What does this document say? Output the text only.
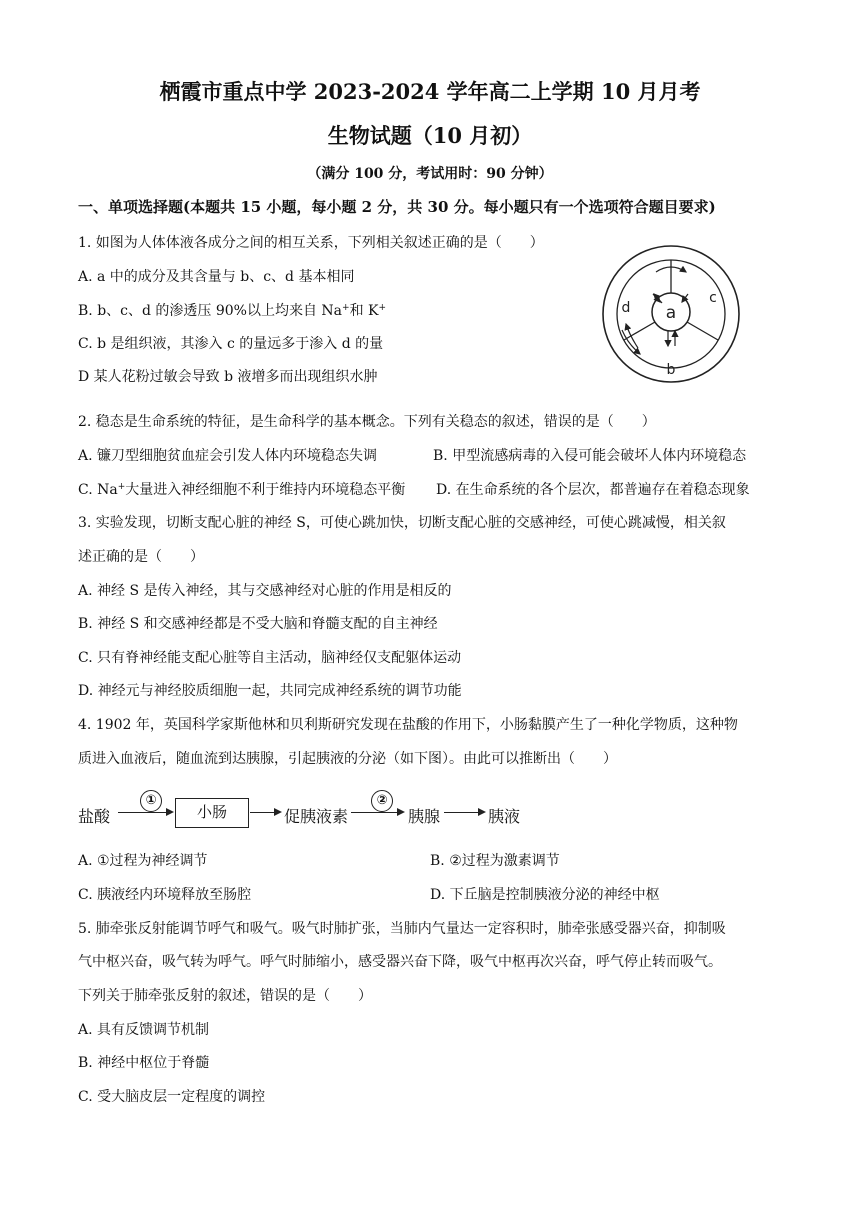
栖霞市重点中学 2023-2024 学年高二上学期 10 月月考
生物试题（10 月初）
（满分 100 分，考试用时：90 分钟）
一、单项选择题(本题共 15 小题，每小题 2 分，共 30 分。每小题只有一个选项符合题目要求)
1. 如图为人体体液各成分之间的相互关系，下列相关叙述正确的是（　　）
A. a 中的成分及其含量与 b、c、d 基本相同
B. b、c、d 的渗透压 90%以上均来自 Na+和 K+
C. b 是组织液，其渗入 c 的量远多于渗入 d 的量
D 某人花粉过敏会导致 b 液增多而出现组织水肿
a
b
c
d
2. 稳态是生命系统的特征，是生命科学的基本概念。下列有关稳态的叙述，错误的是（　　）
A. 镰刀型细胞贫血症会引发人体内环境稳态失调	B. 甲型流感病毒的入侵可能会破坏人体内环境稳态
C. Na+大量进入神经细胞不利于维持内环境稳态平衡 D. 在生命系统的各个层次，都普遍存在着稳态现象
3. 实验发现，切断支配心脏的神经 S，可使心跳加快，切断支配心脏的交感神经，可使心跳减慢，相关叙
述正确的是（　　）
A. 神经 S 是传入神经，其与交感神经对心脏的作用是相反的
B. 神经 S 和交感神经都是不受大脑和脊髓支配的自主神经
C. 只有脊神经能支配心脏等自主活动，脑神经仅支配躯体运动
D. 神经元与神经胶质细胞一起，共同完成神经系统的调节功能
4. 1902 年，英国科学家斯他林和贝利斯研究发现在盐酸的作用下，小肠黏膜产生了一种化学物质，这种物
质进入血液后，随血流到达胰腺，引起胰液的分泌（如下图）。由此可以推断出（　　）
盐酸
①
小肠	促胰液素
②
胰腺	胰液
A. ①过程为神经调节	B. ②过程为激素调节
C. 胰液经内环境释放至肠腔	D. 下丘脑是控制胰液分泌的神经中枢
5. 肺牵张反射能调节呼气和吸气。吸气时肺扩张，当肺内气量达一定容积时，肺牵张感受器兴奋，抑制吸
气中枢兴奋，吸气转为呼气。呼气时肺缩小，感受器兴奋下降，吸气中枢再次兴奋，呼气停止转而吸气。
下列关于肺牵张反射的叙述，错误的是（　　）
A. 具有反馈调节机制
B. 神经中枢位于脊髓
C. 受大脑皮层一定程度的调控
